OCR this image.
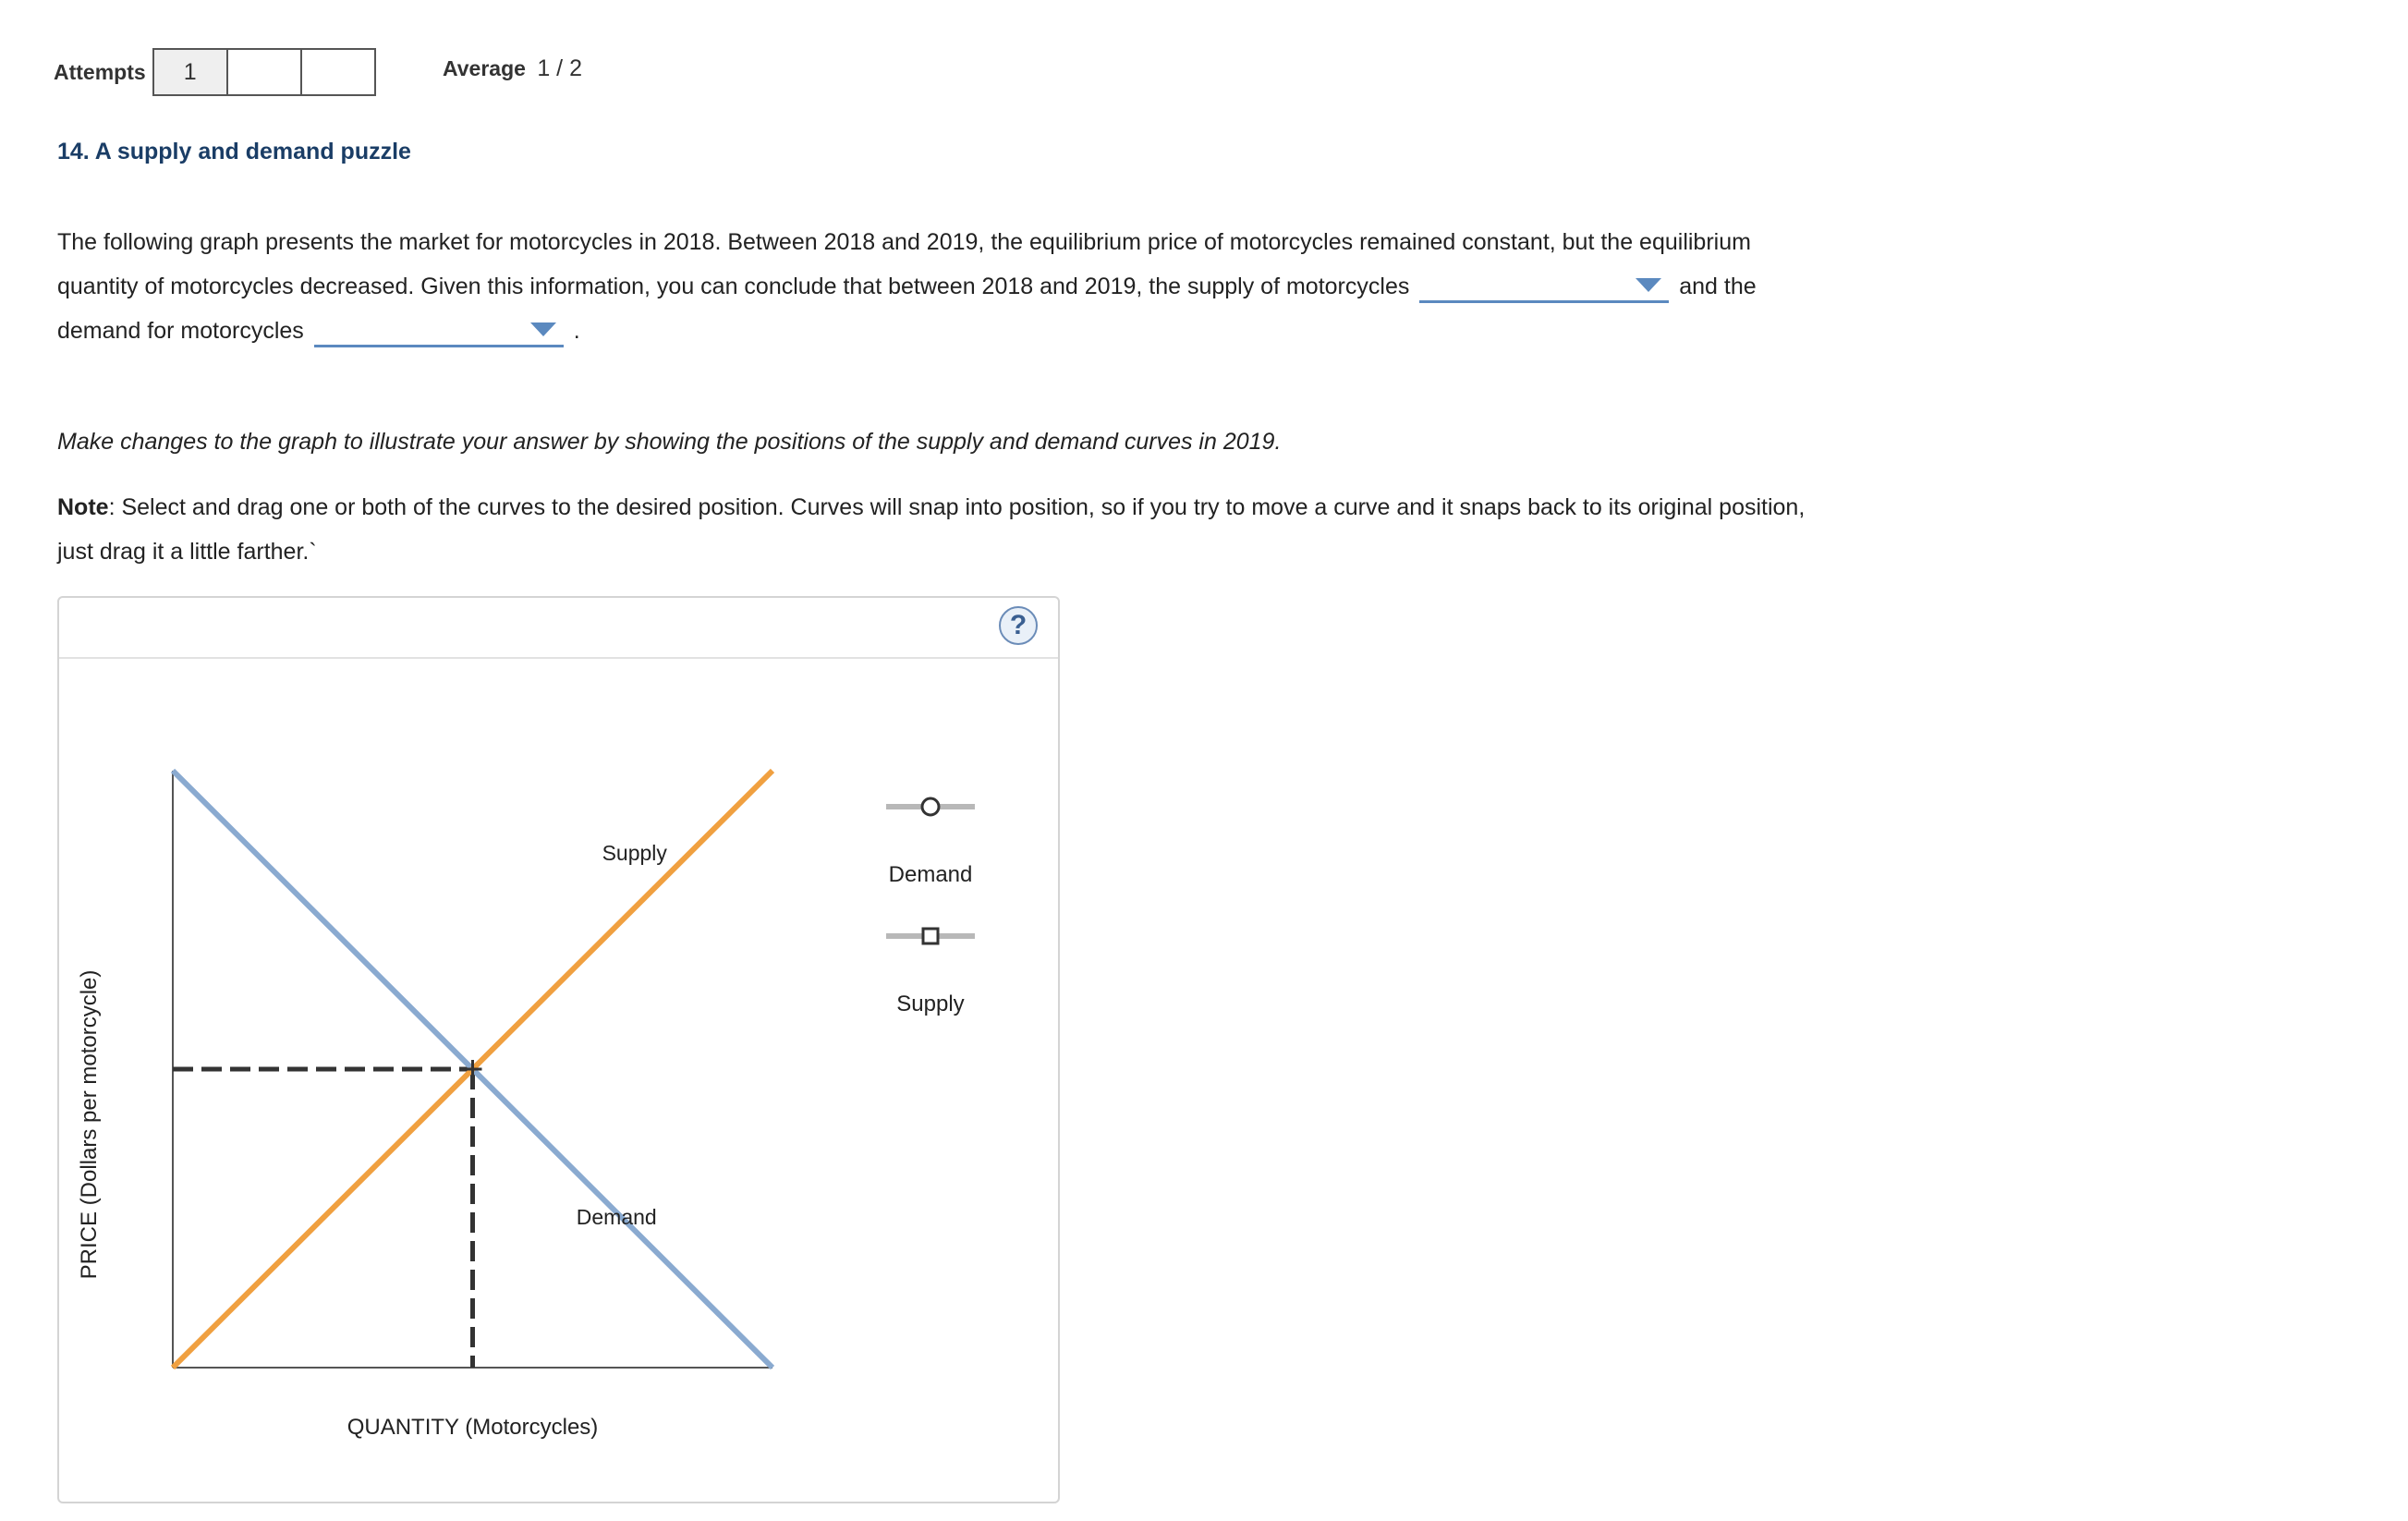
Attempts	1	Average 1 / 2
14. A supply and demand puzzle
The following graph presents the market for motorcycles in 2018. Between 2018 and 2019, the equilibrium price of motorcycles remained constant, but the equilibrium quantity of motorcycles decreased. Given this information, you can conclude that between 2018 and 2019, the supply of motorcycles	and the demand for motorcycles	.
Make changes to the graph to illustrate your answer by showing the positions of the supply and demand curves in 2019.
Note: Select and drag one or both of the curves to the desired position. Curves will snap into position, so if you try to move a curve and it snaps back to its original position, just drag it a little farther.`
?
Supply
Demand
QUANTITY (Motorcycles)
PRICE (Dollars per motorcycle)
Demand
Supply
